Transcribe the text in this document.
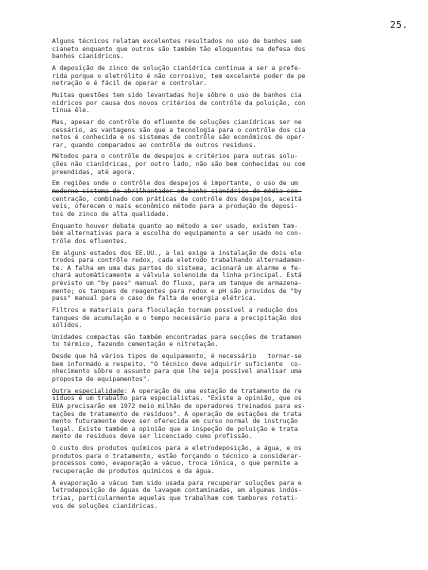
25.
Alguns técnicos relatam excelentes resultados no uso de banhos sem
cianeto enquanto que outros são também tão eloquentes na defesa dos
banhos cianídricos.
A deposição de zinco de solução cianídrica continua a ser a prefe-
rida porque o eletrólito é não corrosivo, tem excelente poder de pe
netração e é fácil de operar e controlar.
Muitas questões tem sido levantadas hoje sôbre o uso de banhos cia
nídricos por causa dos novos critérios de contrôle da poluição, con
tinua êle.
Mas, apesar do contrôle do efluente de soluções cianídricas ser ne
cessário, as vantagens são que a tecnologia para o contrôle dos cia
netos é conhecida e os sistemas de contrôle são econômicos de oper-
rar, quando comparados ao contrôle de outros resíduos.
Métodos para o contrôle de despejos e critérios para outras solu-
ções não cianídricas, por outro lado, não são bem conhecidas ou com
preendidas, até agora.
Em regiões onde o contrôle dos despejos é importante, o uso de um
moderno sistema de abrilhantador em banho cianídrico de média con-
centração, combinado com práticas de contrôle dos despejos, aceitá
veis, oferecem o mais econômico método para a produção de deposi-
tos de zinco de alta qualidade.
Enquanto houver debate quanto ao método a ser usado, existem tam-
bém alternativas para a escolha do equipamento a ser usado no con-
trôle dos efluentes.
Em alguns estados dos EE.UU., a lei exige a instalação de dois ele
trodos para contrôle redox, cada eletrodo trabalhando alternadamen-
te. A falha em uma das partes do sistema, acionará um alarme e fe-
chará automàticamente a válvula solenoide da linha principal. Está
previsto um "by pass" manual do fluxo, para um tanque de armazena-
mento; os tanques de reagentes para redox e pH são providos de "by
pass" manual para o caso de falta de energia elétrica.
Filtros e materiais para floculação tornam possível a redução dos
tanques de acumulação e o tempo necessário para a precipitação dos
sólidos.
Unidades compactas são também encontradas para secções de tratamen
to térmico, fazendo cementação e nitretação.
Desde que há vários tipos de equipamento, é necessário   tornar-se
bem informado a respeito. "O técnico deve adquirir suficiente  co-
nhecimento sôbre o assunto para que lhe seja possível analisar uma
proposta de equipamentos".
Outra especialidade: A operação de uma estação de tratamento de re
síduos é um trabalho para especialistas. "Existe a opinião, que os
EUA precisarão em 1972 meio milhão de operadores treinados para es-
tações de tratamento de resíduos". A operação de estações de trata
mento futuramente deve ser oferecida em curso normal de instrução
legal. Existe também a opinião que a inspeção de poluição e trata
mento de resíduos deve ser licenciado como profissão.
O custo dos produtos químicos para a eletrodeposição, a água, e os
produtos para o tratamento, estão forçando o técnico a considerar-
processos como, evaporação a vácuo, troca iônica, o que permite a
recuperação de produtos químicos e da água.
A evaporação a vácuo tem sido usada para recuperar soluções para e
letrodeposição de águas de lavagem contaminadas, em algumas indús-
trias, particularmente aquelas que trabalham com tambores rotati-
vos de soluções cianídricas.
